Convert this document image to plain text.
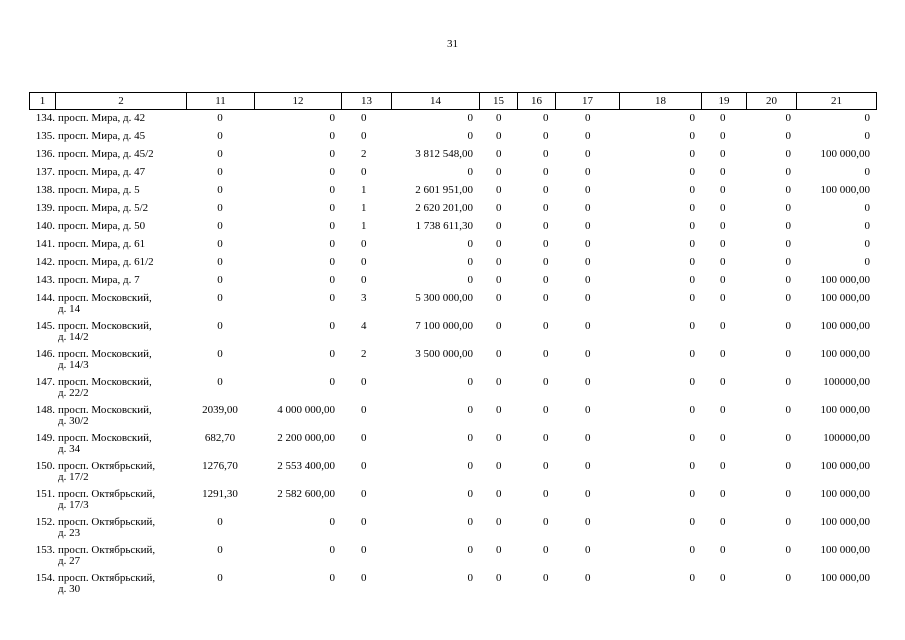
31
1	2	11	12	13	14	15	16	17	18	19	20	21
134.	просп. Мира, д. 42	0	0	0	0	0	0	0	0	0	0	0
135.	просп. Мира, д. 45	0	0	0	0	0	0	0	0	0	0	0
136.	просп. Мира, д. 45/2	0	0	2	3 812 548,00	0	0	0	0	0	0	100 000,00
137.	просп. Мира, д. 47	0	0	0	0	0	0	0	0	0	0	0
138.	просп. Мира, д. 5	0	0	1	2 601 951,00	0	0	0	0	0	0	100 000,00
139.	просп. Мира, д. 5/2	0	0	1	2 620 201,00	0	0	0	0	0	0	0
140.	просп. Мира, д. 50	0	0	1	1 738 611,30	0	0	0	0	0	0	0
141.	просп. Мира, д. 61	0	0	0	0	0	0	0	0	0	0	0
142.	просп. Мира, д. 61/2	0	0	0	0	0	0	0	0	0	0	0
143.	просп. Мира, д. 7	0	0	0	0	0	0	0	0	0	0	100 000,00
144.	просп. Московский,
д. 14	0	0	3	5 300 000,00	0	0	0	0	0	0	100 000,00
145.	просп. Московский,
д. 14/2	0	0	4	7 100 000,00	0	0	0	0	0	0	100 000,00
146.	просп. Московский,
д. 14/3	0	0	2	3 500 000,00	0	0	0	0	0	0	100 000,00
147.	просп. Московский,
д. 22/2	0	0	0	0	0	0	0	0	0	0	100000,00
148.	просп. Московский,
д. 30/2	2039,00	4 000 000,00	0	0	0	0	0	0	0	0	100 000,00
149.	просп. Московский,
д. 34	682,70	2 200 000,00	0	0	0	0	0	0	0	0	100000,00
150.	просп. Октябрьский,
д. 17/2	1276,70	2 553 400,00	0	0	0	0	0	0	0	0	100 000,00
151.	просп. Октябрьский,
д. 17/3	1291,30	2 582 600,00	0	0	0	0	0	0	0	0	100 000,00
152.	просп. Октябрьский,
д. 23	0	0	0	0	0	0	0	0	0	0	100 000,00
153.	просп. Октябрьский,
д. 27	0	0	0	0	0	0	0	0	0	0	100 000,00
154.	просп. Октябрьский,
д. 30	0	0	0	0	0	0	0	0	0	0	100 000,00
